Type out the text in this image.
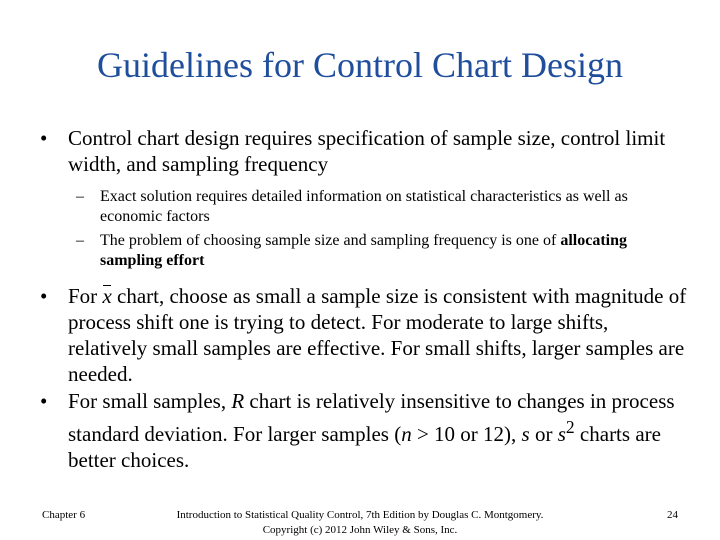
Guidelines for Control Chart Design
• Control chart design requires specification of sample size, control limit width, and sampling frequency
– Exact solution requires detailed information on statistical characteristics as well as economic factors
– The problem of choosing sample size and sampling frequency is one of allocating sampling effort
• For x chart, choose as small a sample size is consistent with magnitude of process shift one is trying to detect. For moderate to large shifts, relatively small samples are effective. For small shifts, larger samples are needed.
• For small samples, R chart is relatively insensitive to changes in process standard deviation. For larger samples (n > 10 or 12), s or $s^2$ charts are better choices.
Chapter 6	Introduction to Statistical Quality Control, 7th Edition by Douglas C. Montgomery.
Copyright (c) 2012 John Wiley & Sons, Inc.
24
